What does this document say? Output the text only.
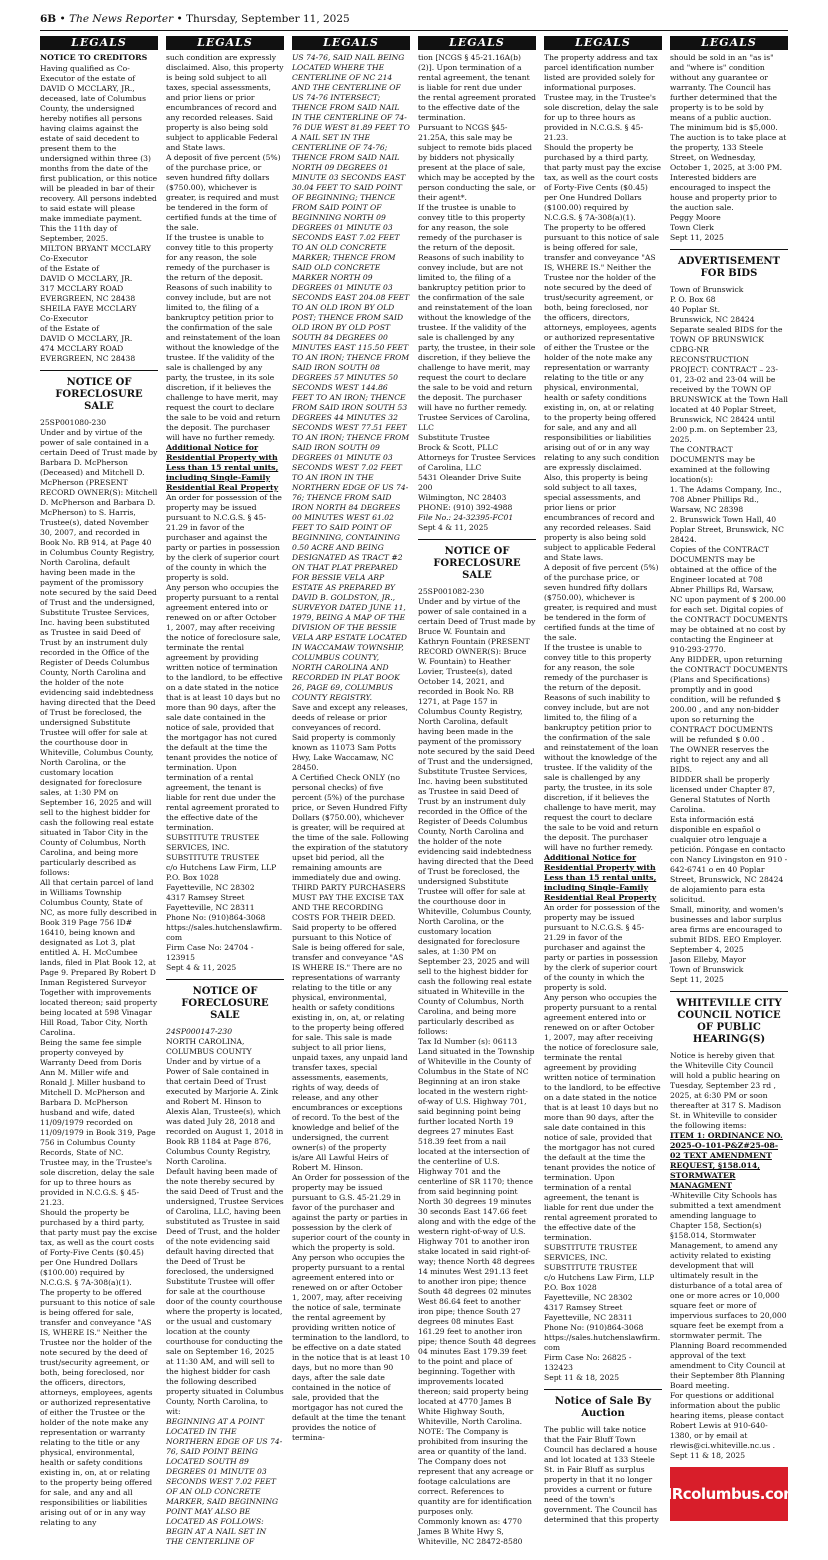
6B • The News Reporter • Thursday, September 11, 2025
LEGALS
NOTICE TO CREDITORS
Having qualified as Co-Executor of the estate of DAVID O MCCLARY, JR., deceased, late of Columbus County, the undersigned hereby notifies all persons having claims against the estate of said decedent to present them to the undersigned within three (3) months from the date of the first publication, or this notice will be pleaded in bar of their recovery. All persons indebted to said estate will please make immediate payment.
This the 11th day of September, 2025.
MILTON BRYANT MCCLARY
Co-Executor
of the Estate of
DAVID O MCCLARY, JR.
317 MCCLARY ROAD
EVERGREEN, NC 28438
SHEILA FAYE MCCLARY
Co-Executor
of the Estate of
DAVID O MCCLARY, JR.
474 MCCLARY ROAD
EVERGREEN, NC 28438
NOTICE OF FORECLOSURE SALE
25SP001080-230
Under and by virtue of the power of sale contained in a certain Deed of Trust made by Barbara D. McPherson (Deceased) and Mitchell D. McPherson (PRESENT RECORD OWNER(S): Mitchell D. McPherson and Barbara D. McPherson) to S. Harris, Trustee(s), dated November 30, 2007, and recorded in Book No. RB 914, at Page 40 in Columbus County Registry, North Carolina, default having been made in the payment of the promissory note secured by the said Deed of Trust and the undersigned, Substitute Trustee Services, Inc. having been substituted as Trustee in said Deed of Trust by an instrument duly recorded in the Office of the Register of Deeds Columbus County, North Carolina and the holder of the note evidencing said indebtedness having directed that the Deed of Trust be foreclosed, the undersigned Substitute Trustee will offer for sale at the courthouse door in Whiteville, Columbus County, North Carolina, or the customary location designated for foreclosure sales, at 1:30 PM on September 16, 2025 and will sell to the highest bidder for cash the following real estate situated in Tabor City in the County of Columbus, North Carolina, and being more particularly described as follows:
All that certain parcel of land in Williams Township Columbus County, State of NC, as more fully described in Book 319 Page 756 ID# 16410, being known and designated as Lot 3, plat entitled A. H. McCumbee lands, filed in Plat Book 12, at Page 9. Prepared By Robert D Inman Registered Surveyor Together with improvements located thereon; said property being located at 598 Vinagar Hill Road, Tabor City, North Carolina.
Being the same fee simple property conveyed by Warranty Deed from Doris Ann M. Miller wife and Ronald J. Miller husband to Mitchell D. McPherson and Barbara D. McPherson husband and wife, dated 11/09/1979 recorded on 11/09/1979 in Book 319, Page 756 in Columbus County Records, State of NC.
Trustee may, in the Trustee's sole discretion, delay the sale for up to three hours as provided in N.C.G.S. § 45-21.23.
Should the property be purchased by a third party, that party must pay the excise tax, as well as the court costs of Forty-Five Cents ($0.45) per One Hundred Dollars ($100.00) required by N.C.G.S. § 7A-308(a)(1).
The property to be offered pursuant to this notice of sale is being offered for sale, transfer and conveyance "AS IS, WHERE IS." Neither the Trustee nor the holder of the note secured by the deed of trust/security agreement, or both, being foreclosed, nor the officers, directors, attorneys, employees, agents or authorized representative of either the Trustee or the holder of the note make any representation or warranty relating to the title or any physical, environmental, health or safety conditions existing in, on, at or relating to the property being offered for sale, and any and all responsibilities or liabilities arising out of or in any way relating to any
LEGALS
such condition are expressly disclaimed. Also, this property is being sold subject to all taxes, special assessments, and prior liens or prior encumbrances of record and any recorded releases. Said property is also being sold subject to applicable Federal and State laws.
A deposit of five percent (5%) of the purchase price, or seven hundred fifty dollars ($750.00), whichever is greater, is required and must be tendered in the form of certified funds at the time of the sale.
If the trustee is unable to convey title to this property for any reason, the sole remedy of the purchaser is the return of the deposit. Reasons of such inability to convey include, but are not limited to, the filing of a bankruptcy petition prior to the confirmation of the sale and reinstatement of the loan without the knowledge of the trustee. If the validity of the sale is challenged by any party, the trustee, in its sole discretion, if it believes the challenge to have merit, may request the court to declare the sale to be void and return the deposit. The purchaser will have no further remedy.
Additional Notice for Residential Property with Less than 15 rental units, including Single-Family Residential Real Property
An order for possession of the property may be issued pursuant to N.C.G.S. § 45-21.29 in favor of the purchaser and against the party or parties in possession by the clerk of superior court of the county in which the property is sold.
Any person who occupies the property pursuant to a rental agreement entered into or renewed on or after October 1, 2007, may after receiving the notice of foreclosure sale, terminate the rental agreement by providing written notice of termination to the landlord, to be effective on a date stated in the notice that is at least 10 days but no more than 90 days, after the sale date contained in the notice of sale, provided that the mortgagor has not cured the default at the time the tenant provides the notice of termination. Upon termination of a rental agreement, the tenant is liable for rent due under the rental agreement prorated to the effective date of the termination.
SUBSTITUTE TRUSTEE SERVICES, INC.
SUBSTITUTE TRUSTEE
c/o Hutchens Law Firm, LLP
P.O. Box 1028
Fayetteville, NC 28302
4317 Ramsey Street
Fayetteville, NC 28311
Phone No: (910)864-3068
https://sales.hutchenslawfirm.com
Firm Case No: 24704 - 123915
Sept 4 & 11, 2025
NOTICE OF FORECLOSURE SALE
24SP000147-230
NORTH CAROLINA, COLUMBUS COUNTY
Under and by virtue of a Power of Sale contained in that certain Deed of Trust executed by Marjorie A. Zink and Robert M. Hinson to Alexis Alan, Trustee(s), which was dated July 28, 2018 and recorded on August 1, 2018 in Book RB 1184 at Page 876, Columbus County Registry, North Carolina.
Default having been made of the note thereby secured by the said Deed of Trust and the undersigned, Trustee Services of Carolina, LLC, having been substituted as Trustee in said Deed of Trust, and the holder of the note evidencing said default having directed that the Deed of Trust be foreclosed, the undersigned Substitute Trustee will offer for sale at the courthouse door of the county courthouse where the property is located, or the usual and customary location at the county courthouse for conducting the sale on September 16, 2025 at 11:30 AM, and will sell to the highest bidder for cash the following described property situated in Columbus County, North Carolina, to wit:
BEGINNING AT A POINT LOCATED IN THE NORTHERN EDGE OF US 74-76, SAID POINT BEING LOCATED SOUTH 89 DEGREES 01 MINUTE 03 SECONDS WEST 7.02 FEET OF AN OLD CONCRETE MARKER, SAID BEGINNING POINT MAY ALSO BE LOCATED AS FOLLOWS: BEGIN AT A NAIL SET IN THE CENTERLINE OF
LEGALS
US 74-76, SAID NAIL BEING LOCATED WHERE THE CENTERLINE OF NC 214 AND THE CENTERLINE OF US 74-76 INTERSECT; THENCE FROM SAID NAIL IN THE CENTERLINE OF 74-76 DUE WEST 81.89 FEET TO A NAIL SET IN THE CENTERLINE OF 74-76; THENCE FROM SAID NAIL NORTH 09 DEGREES 01 MINUTE 03 SECONDS EAST 30.04 FEET TO SAID POINT OF BEGINNING; THENCE FROM SAID POINT OF BEGINNING NORTH 09 DEGREES 01 MINUTE 03 SECONDS EAST 7.02 FEET TO AN OLD CONCRETE MARKER; THENCE FROM SAID OLD CONCRETE MARKER NORTH 09 DEGREES 01 MINUTE 03 SECONDS EAST 204.08 FEET TO AN OLD IRON BY OLD POST; THENCE FROM SAID OLD IRON BY OLD POST SOUTH 84 DEGREES 00 MINUTES EAST 115.50 FEET TO AN IRON; THENCE FROM SAID IRON SOUTH 08 DEGREES 57 MINUTES 50 SECONDS WEST 144.86 FEET TO AN IRON; THENCE FROM SAID IRON SOUTH 53 DEGREES 44 MINUTES 32 SECONDS WEST 77.51 FEET TO AN IRON; THENCE FROM SAID IRON SOUTH 09 DEGREES 01 MINUTE 03 SECONDS WEST 7.02 FEET TO AN IRON IN THE NORTHERN EDGE OF US 74-76; THENCE FROM SAID IRON NORTH 84 DEGREES 00 MINUTES WEST 61.02 FEET TO SAID POINT OF BEGINNING, CONTAINING 0.50 ACRE AND BEING DESIGNATED AS TRACT #2 ON THAT PLAT PREPARED FOR BESSIE VELA ARP ESTATE AS PREPARED BY DAVID B. GOLDSTON, JR., SURVEYOR DATED JUNE 11, 1979, BEING A MAP OF THE DIVISION OF THE BESSIE VELA ARP ESTATE LOCATED IN WACCAMAW TOWNSHIP, COLUMBUS COUNTY, NORTH CAROLINA AND RECORDED IN PLAT BOOK 26, PAGE 69, COLUMBUS COUNTY REGISTRY.
Save and except any releases, deeds of release or prior conveyances of record.
Said property is commonly known as 11073 Sam Potts Hwy, Lake Waccamaw, NC 28450.
A Certified Check ONLY (no personal checks) of five percent (5%) of the purchase price, or Seven Hundred Fifty Dollars ($750.00), whichever is greater, will be required at the time of the sale. Following the expiration of the statutory upset bid period, all the remaining amounts are immediately due and owing. THIRD PARTY PURCHASERS MUST PAY THE EXCISE TAX AND THE RECORDING COSTS FOR THEIR DEED.
Said property to be offered pursuant to this Notice of Sale is being offered for sale, transfer and conveyance "AS IS WHERE IS." There are no representations of warranty relating to the title or any physical, environmental, health or safety conditions existing in, on, at, or relating to the property being offered for sale. This sale is made subject to all prior liens, unpaid taxes, any unpaid land transfer taxes, special assessments, easements, rights of way, deeds of release, and any other encumbrances or exceptions of record. To the best of the knowledge and belief of the undersigned, the current owner(s) of the property is/are All Lawful Heirs of Robert M. Hinson.
An Order for possession of the property may be issued pursuant to G.S. 45-21.29 in favor of the purchaser and against the party or parties in possession by the clerk of superior court of the county in which the property is sold. Any person who occupies the property pursuant to a rental agreement entered into or renewed on or after October 1, 2007, may, after receiving the notice of sale, terminate the rental agreement by providing written notice of termination to the landlord, to be effective on a date stated in the notice that is at least 10 days, but no more than 90 days, after the sale date contained in the notice of sale, provided that the mortgagor has not cured the default at the time the tenant provides the notice of termina-
LEGALS
tion [NCGS § 45-21.16A(b)(2)]. Upon termination of a rental agreement, the tenant is liable for rent due under the rental agreement prorated to the effective date of the termination.
Pursuant to NCGS §45-21.25A, this sale may be subject to remote bids placed by bidders not physically present at the place of sale, which may be accepted by the person conducting the sale, or their agent*.
If the trustee is unable to convey title to this property for any reason, the sole remedy of the purchaser is the return of the deposit. Reasons of such inability to convey include, but are not limited to, the filing of a bankruptcy petition prior to the confirmation of the sale and reinstatement of the loan without the knowledge of the trustee. If the validity of the sale is challenged by any party, the trustee, in their sole discretion, if they believe the challenge to have merit, may request the court to declare the sale to be void and return the deposit. The purchaser will have no further remedy.
Trustee Services of Carolina, LLC
Substitute Trustee
Brock & Scott, PLLC
Attorneys for Trustee Services of Carolina, LLC
5431 Oleander Drive Suite 200
Wilmington, NC 28403
PHONE: (910) 392-4988
File No.: 24-32395-FC01
Sept 4 & 11, 2025
NOTICE OF FORECLOSURE SALE
25SP001082-230
Under and by virtue of the power of sale contained in a certain Deed of Trust made by Bruce W. Fountain and Kathryn Fountain (PRESENT RECORD OWNER(S): Bruce W. Fountain) to Heather Lovier, Trustee(s), dated October 14, 2021, and recorded in Book No. RB 1271, at Page 157 in Columbus County Registry, North Carolina, default having been made in the payment of the promissory note secured by the said Deed of Trust and the undersigned, Substitute Trustee Services, Inc. having been substituted as Trustee in said Deed of Trust by an instrument duly recorded in the Office of the Register of Deeds Columbus County, North Carolina and the holder of the note evidencing said indebtedness having directed that the Deed of Trust be foreclosed, the undersigned Substitute Trustee will offer for sale at the courthouse door in Whiteville, Columbus County, North Carolina, or the customary location designated for foreclosure sales, at 1:30 PM on September 23, 2025 and will sell to the highest bidder for cash the following real estate situated in Whiteville in the County of Columbus, North Carolina, and being more particularly described as follows:
Tax Id Number (s): 06113
Land situated in the Township of Whiteville in the County of Columbus in the State of NC
Beginning at an iron stake located in the western right-of-way of U.S. Highway 701, said beginning point being further located North 19 degrees 27 minutes East 518.39 feet from a nail located at the intersection of the centerline of U.S. Highway 701 and the centerline of SR 1170; thence from said beginning point North 30 degrees 19 minutes 30 seconds East 147.66 feet along and with the edge of the western right-of-way of U.S. Highway 701 to another iron stake located in said right-of-way; thence North 48 degrees 14 minutes West 291.13 feet to another iron pipe; thence South 48 degrees 02 minutes West 86.64 feet to another iron pipe; thence South 27 degrees 08 minutes East 161.29 feet to another iron pipe; thence South 48 degrees 04 minutes East 179.39 feet to the point and place of beginning. Together with improvements located thereon; said property being located at 4770 James B White Highway South, Whiteville, North Carolina.
NOTE: The Company is prohibited from insuring the area or quantity of the land. The Company does not represent that any acreage or footage calculations are correct. References to quantity are for identification purposes only.
Commonly known as: 4770 James B White Hwy S, Whiteville, NC 28472-8580
LEGALS
The property address and tax parcel identification number listed are provided solely for informational purposes.
Trustee may, in the Trustee's sole discretion, delay the sale for up to three hours as provided in N.C.G.S. § 45-21.23.
Should the property be purchased by a third party, that party must pay the excise tax, as well as the court costs of Forty-Five Cents ($0.45) per One Hundred Dollars ($100.00) required by N.C.G.S. § 7A-308(a)(1).
The property to be offered pursuant to this notice of sale is being offered for sale, transfer and conveyance "AS IS, WHERE IS." Neither the Trustee nor the holder of the note secured by the deed of trust/security agreement, or both, being foreclosed, nor the officers, directors, attorneys, employees, agents or authorized representative of either the Trustee or the holder of the note make any representation or warranty relating to the title or any physical, environmental, health or safety conditions existing in, on, at or relating to the property being offered for sale, and any and all responsibilities or liabilities arising out of or in any way relating to any such condition are expressly disclaimed. Also, this property is being sold subject to all taxes, special assessments, and prior liens or prior encumbrances of record and any recorded releases. Said property is also being sold subject to applicable Federal and State laws.
A deposit of five percent (5%) of the purchase price, or seven hundred fifty dollars ($750.00), whichever is greater, is required and must be tendered in the form of certified funds at the time of the sale.
If the trustee is unable to convey title to this property for any reason, the sole remedy of the purchaser is the return of the deposit. Reasons of such inability to convey include, but are not limited to, the filing of a bankruptcy petition prior to the confirmation of the sale and reinstatement of the loan without the knowledge of the trustee. If the validity of the sale is challenged by any party, the trustee, in its sole discretion, if it believes the challenge to have merit, may request the court to declare the sale to be void and return the deposit. The purchaser will have no further remedy.
Additional Notice for Residential Property with Less than 15 rental units, including Single-Family Residential Real Property
An order for possession of the property may be issued pursuant to N.C.G.S. § 45-21.29 in favor of the purchaser and against the party or parties in possession by the clerk of superior court of the county in which the property is sold.
Any person who occupies the property pursuant to a rental agreement entered into or renewed on or after October 1, 2007, may after receiving the notice of foreclosure sale, terminate the rental agreement by providing written notice of termination to the landlord, to be effective on a date stated in the notice that is at least 10 days but no more than 90 days, after the sale date contained in this notice of sale, provided that the mortgagor has not cured the default at the time the tenant provides the notice of termination. Upon termination of a rental agreement, the tenant is liable for rent due under the rental agreement prorated to the effective date of the termination.
SUBSTITUTE TRUSTEE SERVICES, INC.
SUBSTITUTE TRUSTEE
c/o Hutchens Law Firm, LLP
P.O. Box 1028
Fayetteville, NC 28302
4317 Ramsey Street
Fayetteville, NC 28311
Phone No: (910)864-3068
https://sales.hutchenslawfirm.com
Firm Case No: 26825 - 132423
Sept 11 & 18, 2025
Notice of Sale By Auction
The public will take notice that the Fair Bluff Town Council has declared a house and lot located at 133 Steele St. in Fair Bluff as surplus property in that it no longer provides a current or future need of the town's government. The Council has determined that this property
LEGALS
should be sold in an "as is" and "where is" condition without any guarantee or warranty. The Council has further determined that the property is to be sold by means of a public auction. The minimum bid is $5,000. The auction is to take place at the property, 133 Steele Street, on Wednesday, October 1, 2025, at 3:00 PM. Interested bidders are encouraged to inspect the house and property prior to the auction sale.
Peggy Moore
Town Clerk
Sept 11, 2025
ADVERTISEMENT FOR BIDS
Town of Brunswick
P. O. Box 68
40 Poplar St.
Brunswick, NC 28424
Separate sealed BIDS for the TOWN OF BRUNSWICK CDBG-NR RECONSTRUCTION PROJECT: CONTRACT – 23-01, 23-02 and 23-04 will be received by the TOWN OF BRUNSWICK at the Town Hall located at 40 Poplar Street, Brunswick, NC 28424 until 2:00 p.m. on September 23, 2025.
The CONTRACT DOCUMENTS may be examined at the following location(s):
1. The Adams Company, Inc., 708 Abner Phillips Rd., Warsaw, NC 28398
2. Brunswick Town Hall, 40 Poplar Street, Brunswick, NC 28424.
Copies of the CONTRACT DOCUMENTS may be obtained at the office of the Engineer located at 708 Abner Phillips Rd, Warsaw, NC upon payment of $ 200.00 for each set. Digital copies of the CONTRACT DOCUMENTS may be obtained at no cost by contacting the Engineer at 910-293-2770.
Any BIDDER, upon returning the CONTRACT DOCUMENTS (Plans and Specifications) promptly and in good condition, will be refunded $ 200.00 , and any non-bidder upon so returning the CONTRACT DOCUMENTS will be refunded $ 0.00 .
The OWNER reserves the right to reject any and all BIDS.
BIDDER shall be properly licensed under Chapter 87, General Statutes of North Carolina.
Esta información está disponible en español o cualquier otro lenguaje a petición. Póngase en contacto con Nancy Livingston en 910 - 642-6741 o en 40 Poplar Street, Brunswick, NC 28424 de alojamiento para esta solicitud.
Small, minority, and women's businesses and labor surplus area firms are encouraged to submit BIDS. EEO Employer.
September 4, 2025
Jason Elleby, Mayor
Town of Brunswick
Sept 11, 2025
WHITEVILLE CITY COUNCIL NOTICE OF PUBLIC HEARING(S)
Notice is hereby given that the Whiteville City Council will hold a public hearing on Tuesday, September 23 rd , 2025, at 6:30 PM or soon thereafter at 317 S. Madison St. in Whiteville to consider the following items:
ITEM 1: ORDINANCE NO. 2025-O-101-P&Z#25-08-02 TEXT AMENDMENT REQUEST, §158.014, STORMWATER MANAGMENT
-Whiteville City Schools has submitted a text amendment amending language to Chapter 158, Section(s) §158.014, Stormwater Management, to amend any activity related to existing development that will ultimately result in the disturbance of a total area of one or more acres or 10,000 square feet or more of impervious surfaces to 20,000 square feet be exempt from a stormwater permit. The Planning Board recommended approval of the text amendment to City Council at their September 8th Planning Board meeting.
For questions or additional information about the public hearing items, please contact Robert Lewis at 910-640-1380, or by email at rlewis@ci.whiteville.nc.us .
Sept 11 & 18, 2025
NRcolumbus.com
